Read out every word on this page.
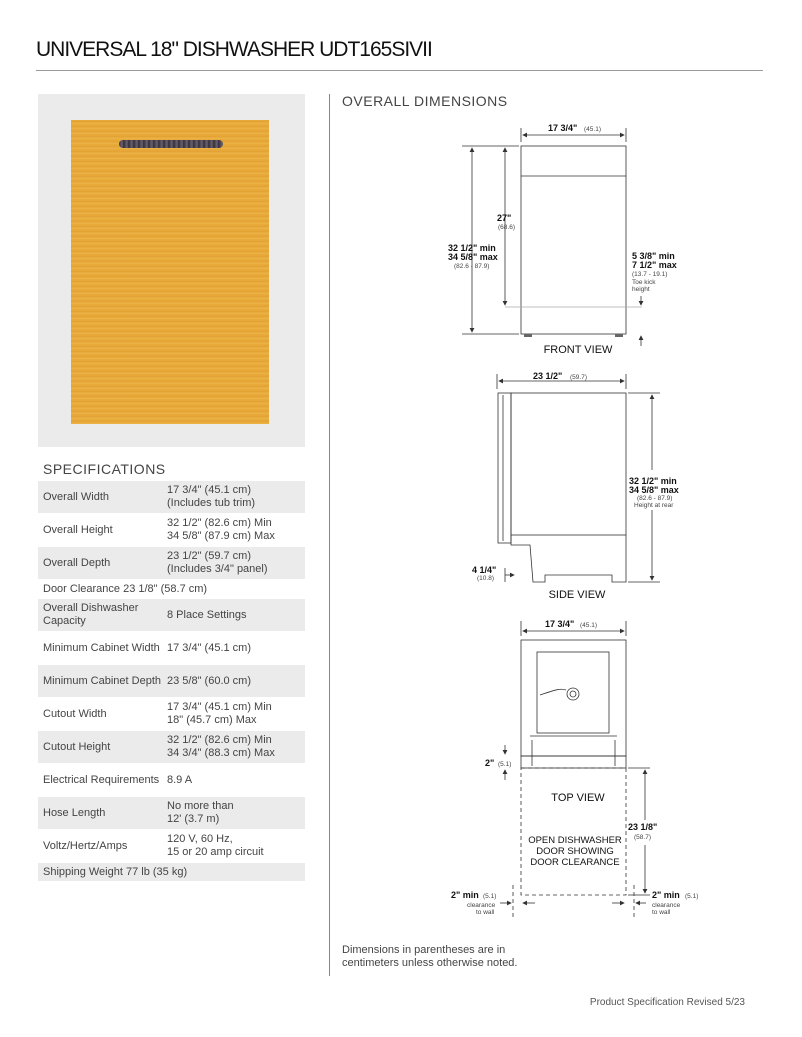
UNIVERSAL 18" DISHWASHER UDT165SIVII
SPECIFICATIONS
Overall Width
17 3/4" (45.1 cm)
(Includes tub trim)
Overall Height
32 1/2" (82.6 cm) Min
34 5/8" (87.9 cm) Max
Overall Depth
23 1/2" (59.7 cm)
(Includes 3/4" panel)
Door Clearance 23 1/8" (58.7 cm)
Overall Dishwasher Capacity
8 Place Settings
Minimum Cabinet Width 17 3/4" (45.1 cm)
Minimum Cabinet Depth 23 5/8" (60.0 cm)
Cutout Width
17 3/4" (45.1 cm) Min
18" (45.7 cm) Max
Cutout Height
32 1/2" (82.6 cm) Min
34 3/4" (88.3 cm) Max
Electrical Requirements 8.9 A
Hose Length
No more than
12' (3.7 m)
Voltz/Hertz/Amps
120 V, 60 Hz,
15 or 20 amp circuit
Shipping Weight 77 lb (35 kg)
OVERALL DIMENSIONS
17 3/4" (45.1)
27"
(68.6)
32 1/2" min
34 5/8" max
(82.6 - 87.9)
5 3/8" min
7 1/2" max
(13.7 - 19.1)
Toe kick
height
FRONT VIEW
23 1/2" (59.7)
32 1/2" min
34 5/8" max
(82.6 - 87.9)
Height at rear
4 1/4"
(10.8)
SIDE VIEW
17 3/4" (45.1)
2" (5.1)
TOP VIEW
23 1/8"
(58.7)
OPEN DISHWASHER
DOOR SHOWING
DOOR CLEARANCE
2" min (5.1)
clearance
to wall
2" min (5.1)
clearance
to wall
Dimensions in parentheses are in centimeters unless otherwise noted.
Product Specification Revised 5/23
